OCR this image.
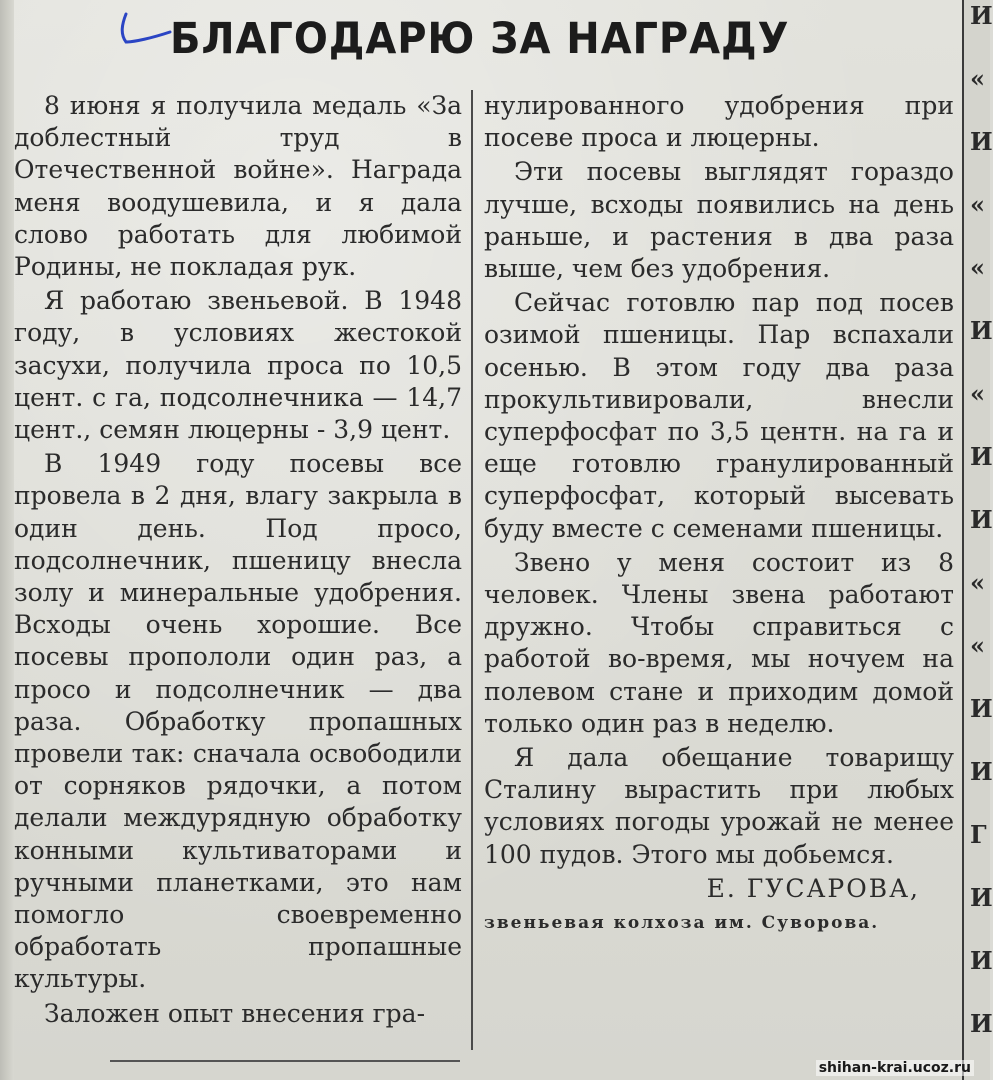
БЛАГОДАРЮ ЗА НАГРАДУ

8 июня я получила медаль «За доблестный труд в Отечественной войне». Награда меня воодушевила, и я дала слово работать для любимой Родины, не покладая рук.

Я работаю звеньевой. В 1948 году, в условиях жестокой засухи, получила проса по 10,5 цент. с га, подсолнечника — 14,7 цент., семян люцерны - 3,9 цент.

В 1949 году посевы все провела в 2 дня, влагу закрыла в один день. Под просо, подсолнечник, пшеницу внесла золу и минеральные удобрения. Всходы очень хорошие. Все посевы пропололи один раз, а просо и подсолнечник — два раза. Обработку пропашных провели так: сначала освободили от сорняков рядочки, а потом делали междурядную обработку конными культиваторами и ручными планетками, это нам помогло своевременно обработать пропашные культуры.

Заложен опыт внесения гра-

нулированного удобрения при посеве проса и люцерны.

Эти посевы выглядят гораздо лучше, всходы появились на день раньше, и растения в два раза выше, чем без удобрения.

Сейчас готовлю пар под посев озимой пшеницы. Пар вспахали осенью. В этом году два раза прокультивировали, внесли суперфосфат по 3,5 центн. на га и еще готовлю гранулированный суперфосфат, который высевать буду вместе с семенами пшеницы.

Звено у меня состоит из 8 человек. Члены звена работают дружно. Чтобы справиться с работой во-время, мы ночуем на полевом стане и приходим домой только один раз в неделю.

Я дала обещание товарищу Сталину вырастить при любых условиях погоды урожай не менее 100 пудов. Этого мы добьемся.

Е. ГУСАРОВА,
звеньевая колхоза им. Суворова.
И
«
И
«
«
И
«
И
И
«
«
И
И
Г
И
И
И
shihan-krai.ucoz.ru
